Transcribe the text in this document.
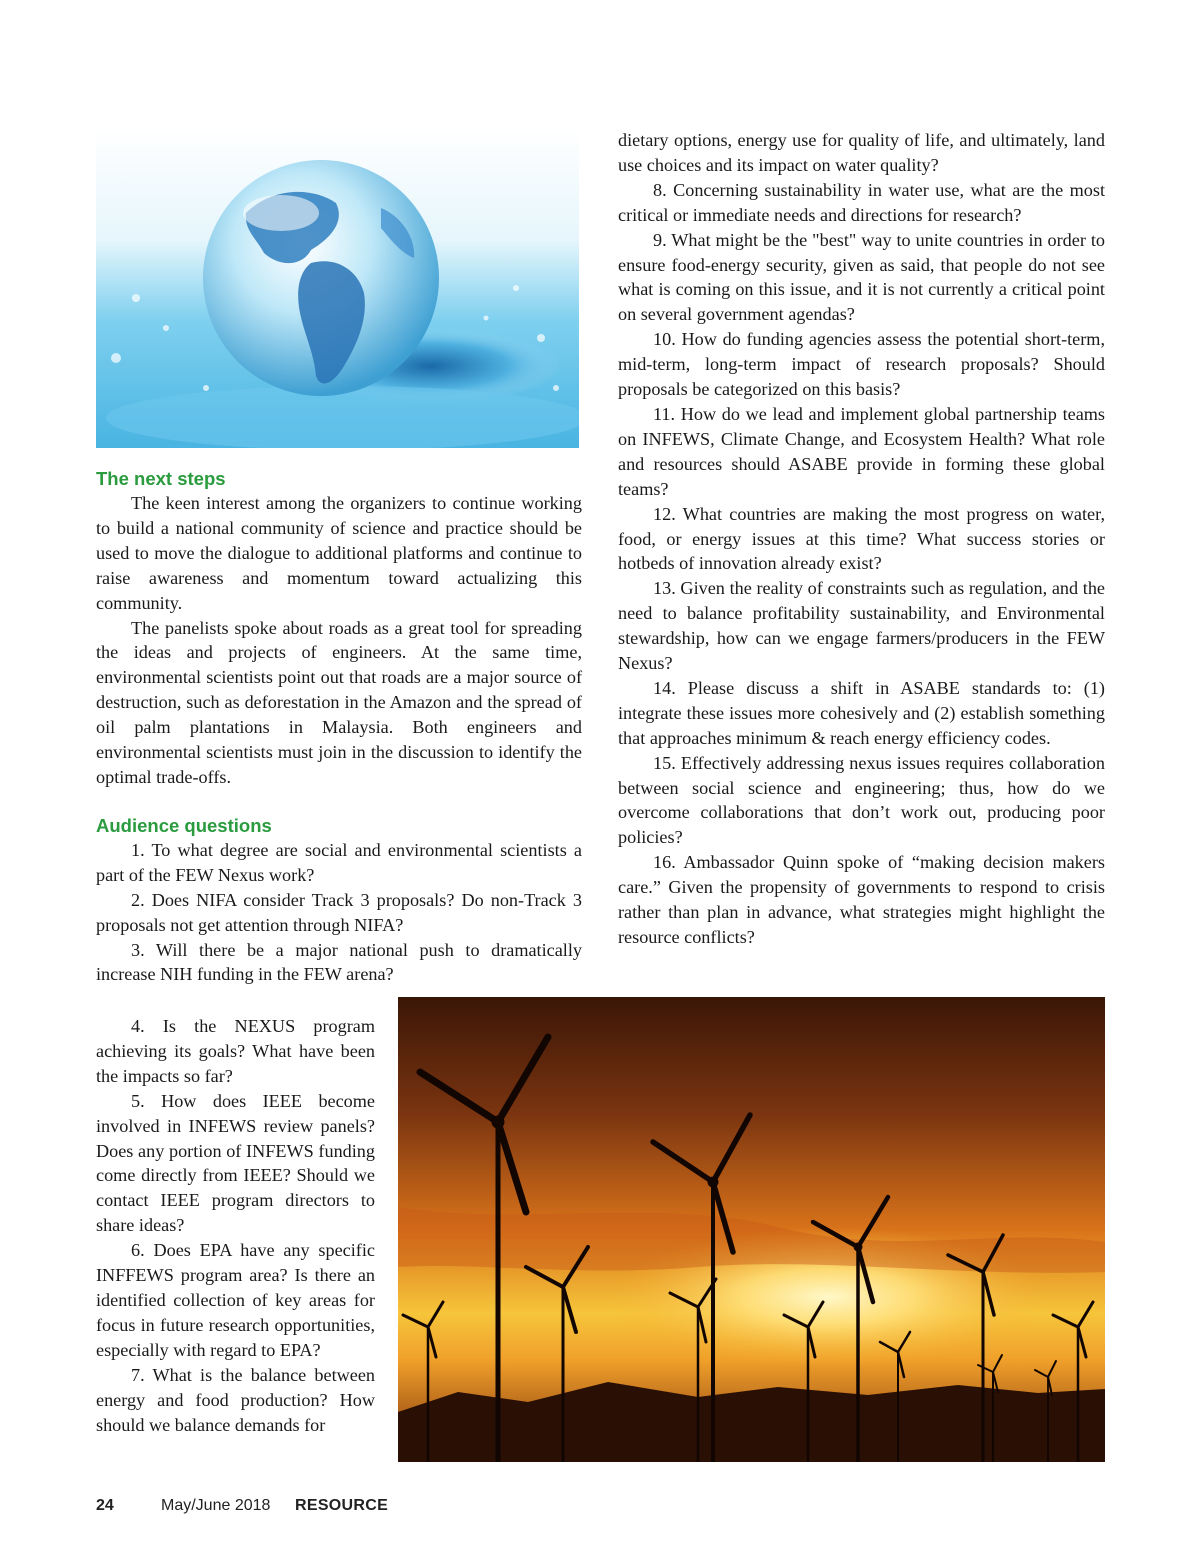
The next steps

The keen interest among the organizers to continue working to build a national community of science and practice should be used to move the dialogue to additional platforms and continue to raise awareness and momentum toward actualizing this community.

The panelists spoke about roads as a great tool for spreading the ideas and projects of engineers. At the same time, environmental scientists point out that roads are a major source of destruction, such as deforestation in the Amazon and the spread of oil palm plantations in Malaysia. Both engineers and environmental scientists must join in the discussion to identify the optimal trade-offs.

Audience questions

1. To what degree are social and environmental scientists a part of the FEW Nexus work?

2. Does NIFA consider Track 3 proposals? Do non-Track 3 proposals not get attention through NIFA?

3. Will there be a major national push to dramatically increase NIH funding in the FEW arena?

4. Is the NEXUS program achieving its goals? What have been the impacts so far?

5. How does IEEE become involved in INFEWS review panels? Does any portion of INFEWS funding come directly from IEEE? Should we contact IEEE program directors to share ideas?

6. Does EPA have any specific INFFEWS program area? Is there an identified collection of key areas for focus in future research opportunities, especially with regard to EPA?

7. What is the balance between energy and food production? How should we balance demands for

dietary options, energy use for quality of life, and ultimately, land use choices and its impact on water quality?

8. Concerning sustainability in water use, what are the most critical or immediate needs and directions for research?

9. What might be the "best" way to unite countries in order to ensure food-energy security, given as said, that people do not see what is coming on this issue, and it is not currently a critical point on several government agendas?

10. How do funding agencies assess the potential short-term, mid-term, long-term impact of research proposals? Should proposals be categorized on this basis?

11. How do we lead and implement global partnership teams on INFEWS, Climate Change, and Ecosystem Health? What role and resources should ASABE provide in forming these global teams?

12. What countries are making the most progress on water, food, or energy issues at this time? What success stories or hotbeds of innovation already exist?

13. Given the reality of constraints such as regulation, and the need to balance profitability sustainability, and Environmental stewardship, how can we engage farmers/producers in the FEW Nexus?

14. Please discuss a shift in ASABE standards to: (1) integrate these issues more cohesively and (2) establish something that approaches minimum & reach energy efficiency codes.

15. Effectively addressing nexus issues requires collaboration between social science and engineering; thus, how do we overcome collaborations that don’t work out, producing poor policies?

16. Ambassador Quinn spoke of “making decision makers care.” Given the propensity of governments to respond to crisis rather than plan in advance, what strategies might highlight the resource conflicts?

24	May/June 2018 RESOURCE
